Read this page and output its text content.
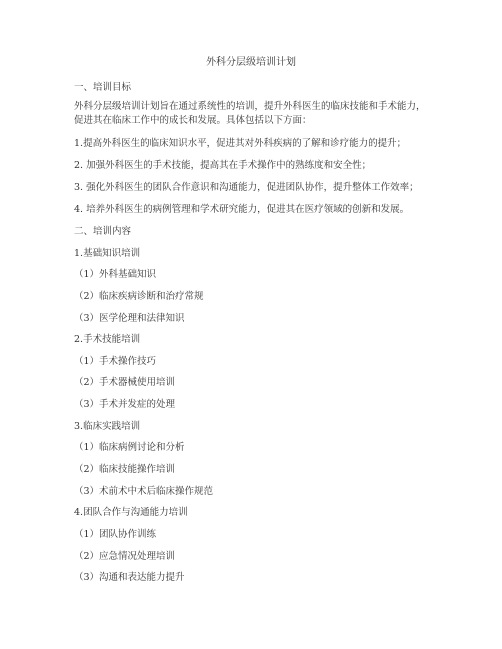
外科分层级培训计划
一、培训目标
外科分层级培训计划旨在通过系统性的培训，提升外科医生的临床技能和手术能力，促进其在临床工作中的成长和发展。具体包括以下方面：
1.提高外科医生的临床知识水平，促进其对外科疾病的了解和诊疗能力的提升；
2. 加强外科医生的手术技能，提高其在手术操作中的熟练度和安全性；
3. 强化外科医生的团队合作意识和沟通能力，促进团队协作，提升整体工作效率；
4. 培养外科医生的病例管理和学术研究能力，促进其在医疗领域的创新和发展。
二、培训内容
1.基础知识培训
（1）外科基础知识
（2）临床疾病诊断和治疗常规
（3）医学伦理和法律知识
2.手术技能培训
（1）手术操作技巧
（2）手术器械使用培训
（3）手术并发症的处理
3.临床实践培训
（1）临床病例讨论和分析
（2）临床技能操作培训
（3）术前术中术后临床操作规范
4.团队合作与沟通能力培训
（1）团队协作训练
（2）应急情况处理培训
（3）沟通和表达能力提升
